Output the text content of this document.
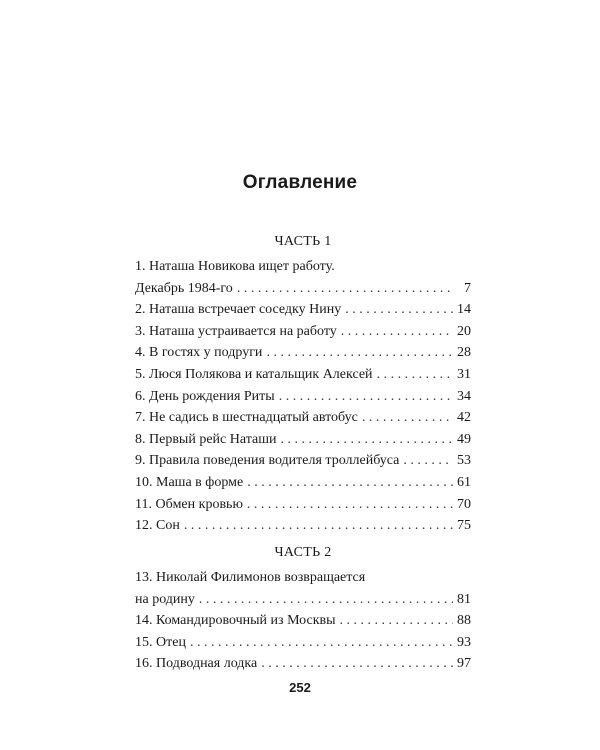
Оглавление
ЧАСТЬ 1
1. Наташа Новикова ищет работу.
Декабрь 1984-го . . .	7
2. Наташа встречает соседку Нину . . .	14
3. Наташа устраивается на работу . . .	20
4. В гостях у подруги . . .	28
5. Люся Полякова и катальщик Алексей . . .	31
6. День рождения Риты . . .	34
7. Не садись в шестнадцатый автобус . . .	42
8. Первый рейс Наташи . . .	49
9. Правила поведения водителя троллейбуса . . .	53
10. Маша в форме . . .	61
11. Обмен кровью . . .	70
12. Сон . . .	75
ЧАСТЬ 2
13. Николай Филимонов возвращается
на родину . . .	81
14. Командировочный из Москвы . . .	88
15. Отец . . .	93
16. Подводная лодка . . .	97
252
